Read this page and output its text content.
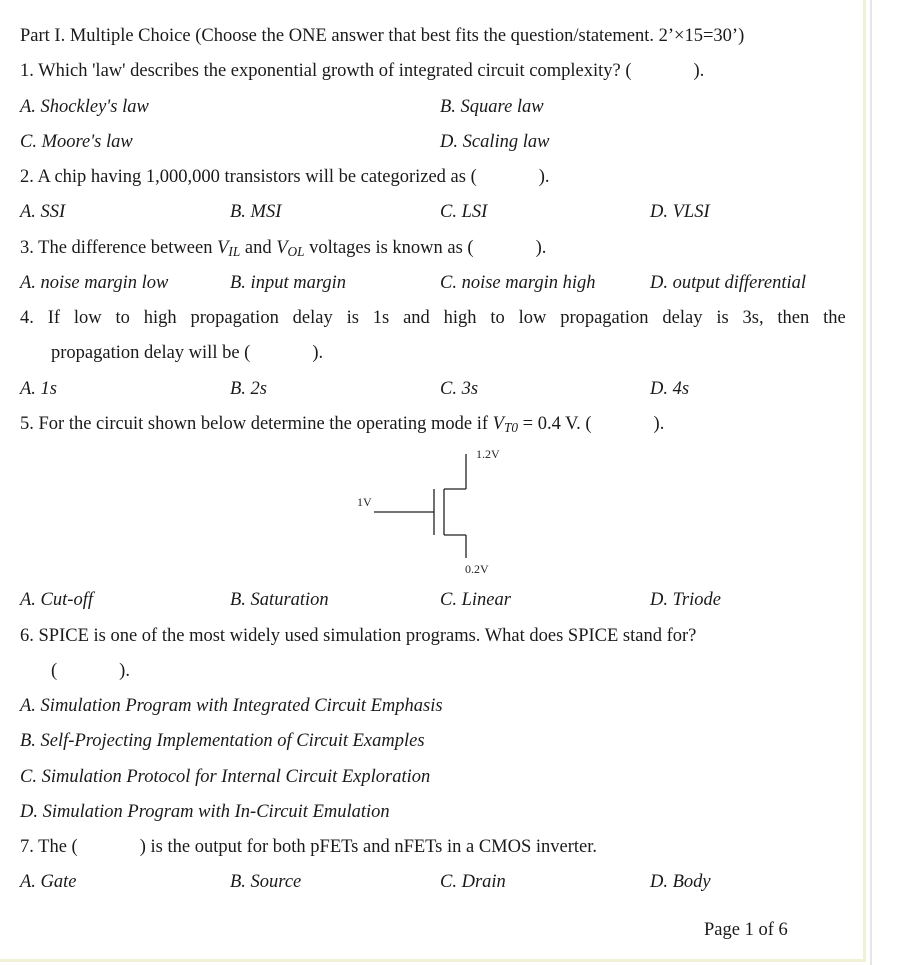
Part I. Multiple Choice (Choose the ONE answer that best fits the question/statement. 2’×15=30’)
1. Which 'law' describes the exponential growth of integrated circuit complexity? (	).
A. Shockley's law	B. Square law
C. Moore's law	D. Scaling law
2. A chip having 1,000,000 transistors will be categorized as (	).
A. SSI	B. MSI	C. LSI	D. VLSI
3. The difference between VIL and VOL voltages is known as (	).
A. noise margin low	B. input margin	C. noise margin high	D. output differential
4. If low to high propagation delay is 1s and high to low propagation delay is 3s, then the
propagation delay will be (	).
A. 1s	B. 2s	C. 3s	D. 4s
5. For the circuit shown below determine the operating mode if VT0 = 0.4 V. (	).
1.2V
1V
0.2V
A. Cut-off	B. Saturation	C. Linear	D. Triode
6. SPICE is one of the most widely used simulation programs. What does SPICE stand for?
(	).
A. Simulation Program with Integrated Circuit Emphasis
B. Self-Projecting Implementation of Circuit Examples
C. Simulation Protocol for Internal Circuit Exploration
D. Simulation Program with In-Circuit Emulation
7. The (	) is the output for both pFETs and nFETs in a CMOS inverter.
A. Gate	B. Source	C. Drain	D. Body
Page 1 of 6
